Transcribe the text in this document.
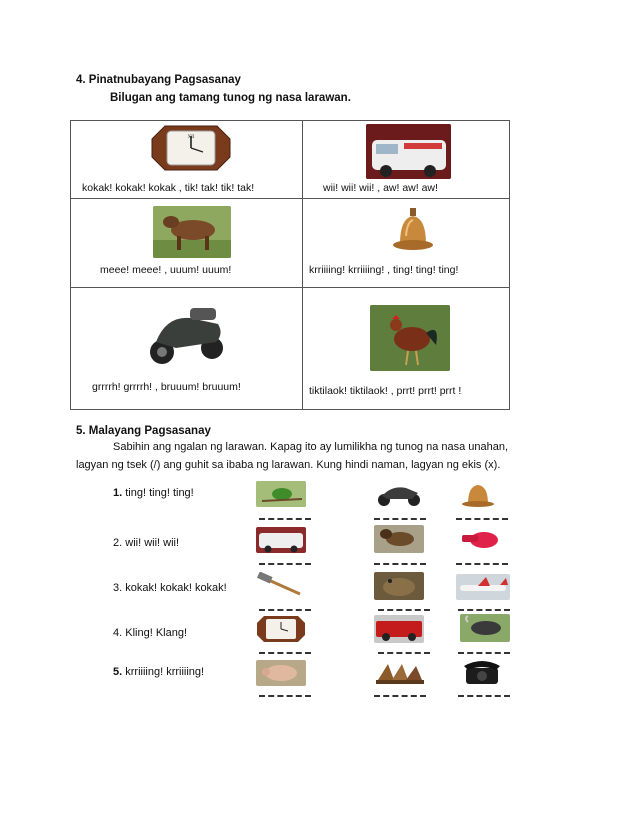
4. Pinatnubayang Pagsasanay
Bilugan ang tamang tunog ng nasa larawan.
XII
kokak! kokak! kokak , tik! tak! tik! tak!	wii! wii! wii! , aw! aw! aw!
meee! meee! , uuum! uuum!	krriiiing! krriiiing! , ting! ting! ting!
grrrrh! grrrrh! , bruuum! bruuum!	tiktilaok! tiktilaok! , prrt! prrt! prrt !
5. Malayang Pagsasanay
Sabihin ang ngalan ng larawan. Kapag ito ay lumilikha ng tunog na nasa unahan,
lagyan ng tsek (/) ang guhit sa ibaba ng larawan. Kung hindi naman, lagyan ng ekis (x).
1. ting! ting! ting!
2. wii! wii! wii!
3. kokak! kokak! kokak!
4. Kling! Klang!
5. krriiiing! krriiiing!
